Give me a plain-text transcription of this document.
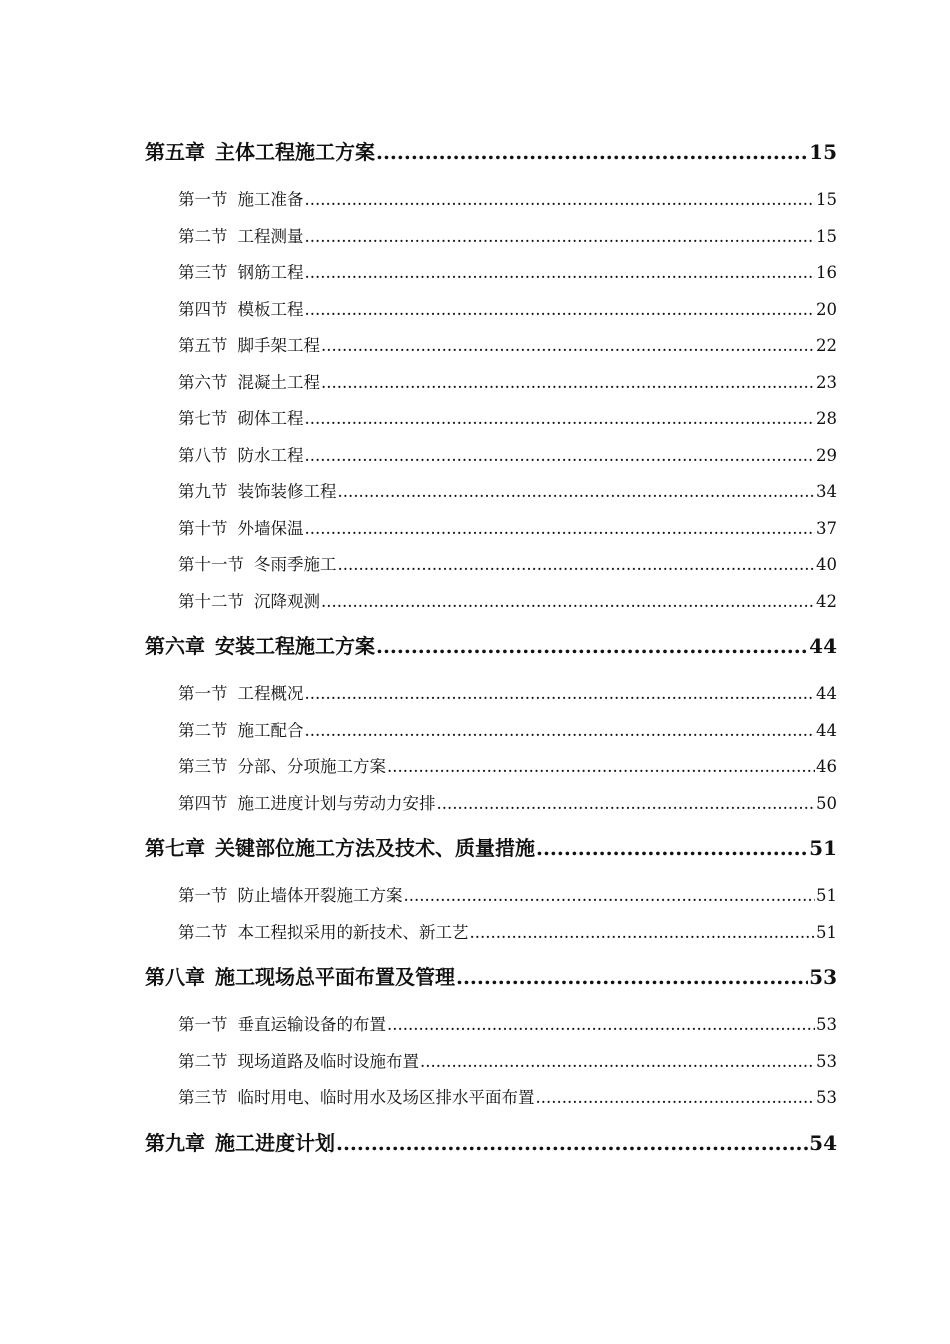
第五章 主体工程施工方案 .....	15
第一节 施工准备 .....	15
第二节 工程测量 .....	15
第三节 钢筋工程 .....	16
第四节 模板工程 .....	20
第五节 脚手架工程 .....	22
第六节 混凝土工程 .....	23
第七节 砌体工程 .....	28
第八节 防水工程 .....	29
第九节 装饰装修工程 .....	34
第十节 外墙保温 .....	37
第十一节 冬雨季施工 .....	40
第十二节 沉降观测 .....	42
第六章 安装工程施工方案 .....	44
第一节 工程概况 .....	44
第二节 施工配合 .....	44
第三节 分部、分项施工方案 .....	46
第四节 施工进度计划与劳动力安排 .....	50
第七章 关键部位施工方法及技术、质量措施 .....	51
第一节 防止墙体开裂施工方案 .....	51
第二节 本工程拟采用的新技术、新工艺 .....	51
第八章 施工现场总平面布置及管理 .....	53
第一节 垂直运输设备的布置 .....	53
第二节 现场道路及临时设施布置 .....	53
第三节 临时用电、临时用水及场区排水平面布置 .....	53
第九章 施工进度计划 .....	54
